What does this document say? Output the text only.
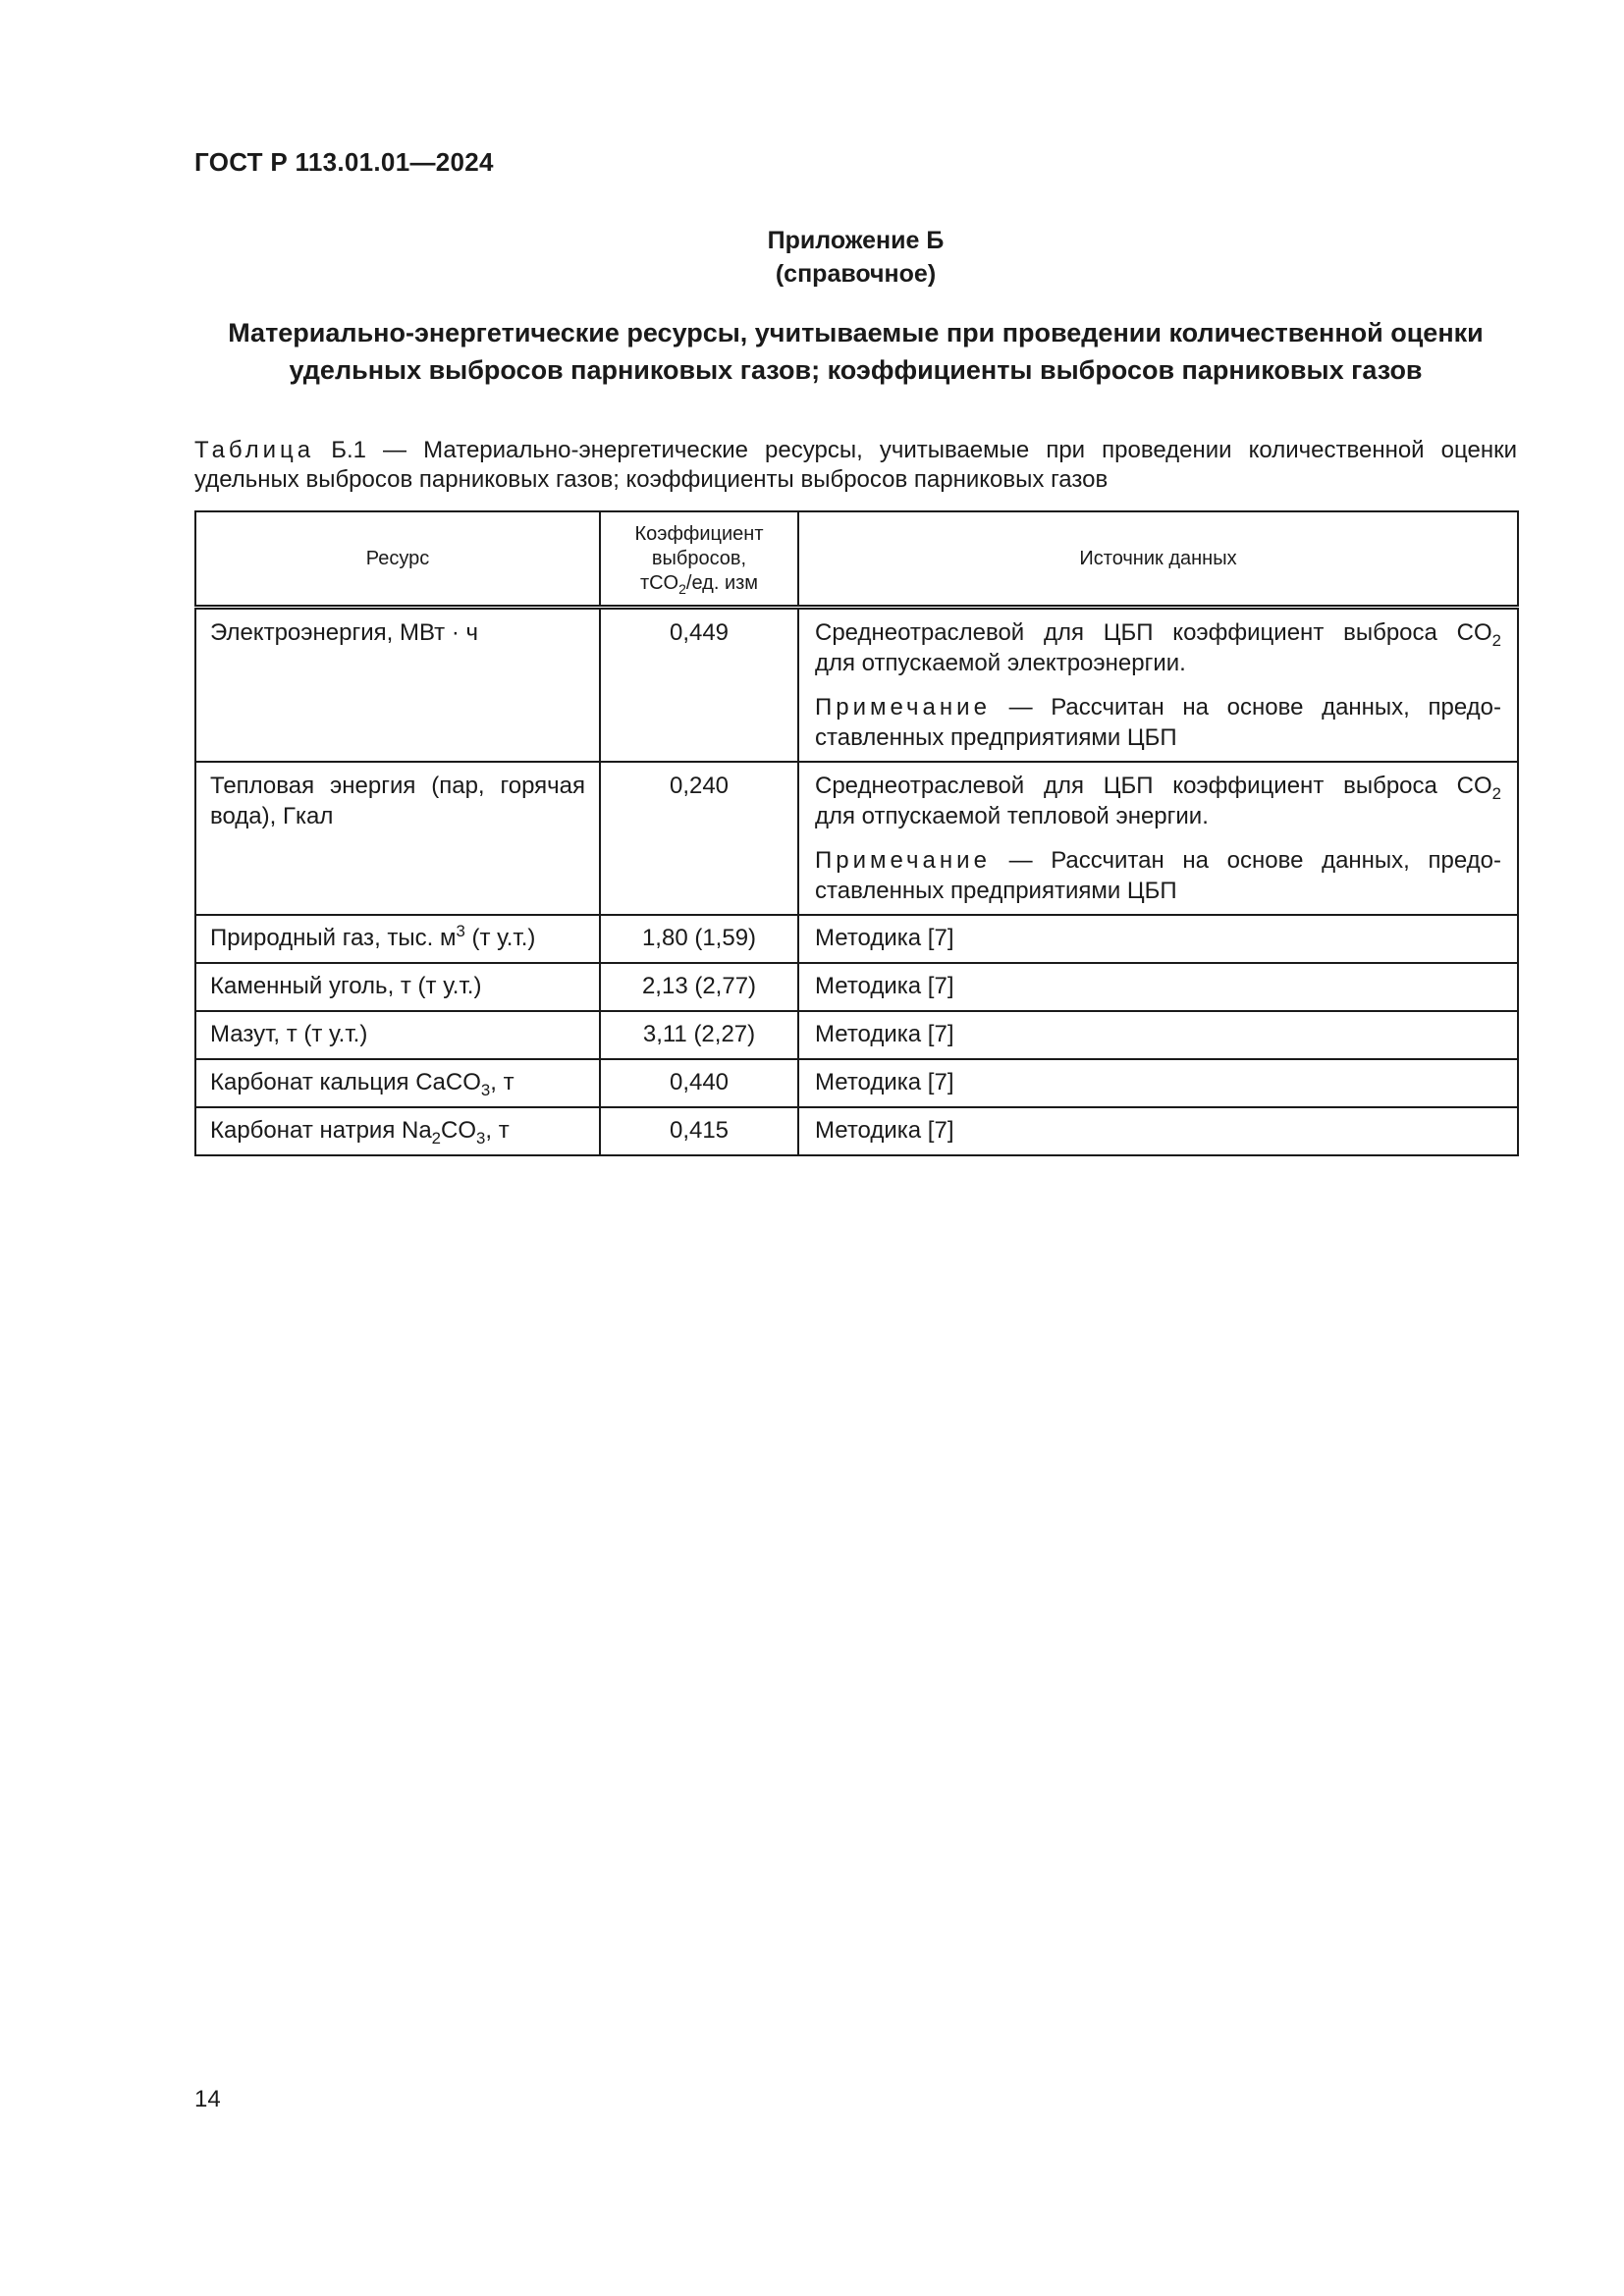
ГОСТ Р 113.01.01—2024
Приложение Б
(справочное)
Материально-энергетические ресурсы, учитываемые при проведении количественной оценки
удельных выбросов парниковых газов; коэффициенты выбросов парниковых газов
Таблица Б.1 — Материально-энергетические ресурсы, учитываемые при проведении количественной оценки
удельных выбросов парниковых газов; коэффициенты выбросов парниковых газов
Ресурс	Коэффициент
выбросов,
тCO$_2$/ед. изм	Источник данных
Электроэнергия, МВт · ч	0,449	Среднеотраслевой для ЦБП коэффициент выброса $CO_2$
для отпускаемой электроэнергии.
Примечание — Рассчитан на основе данных, предо-
ставленных предприятиями ЦБП

Тепловая энергия (пар, горячая
вода), Гкал	0,240	Среднеотраслевой для ЦБП коэффициент выброса $CO_2$
для отпускаемой тепловой энергии.
Примечание — Рассчитан на основе данных, предо-
ставленных предприятиями ЦБП

Природный газ, тыс. $м^3$ (т у.т.)	1,80 (1,59)	Методика [7]
Каменный уголь, т (т у.т.)	2,13 (2,77)	Методика [7]
Мазут, т (т у.т.)	3,11 (2,27)	Методика [7]
Карбонат кальция CaCO$_3$, т	0,440	Методика [7]
Карбонат натрия $Na_2CO_3$, т	0,415	Методика [7]
14
